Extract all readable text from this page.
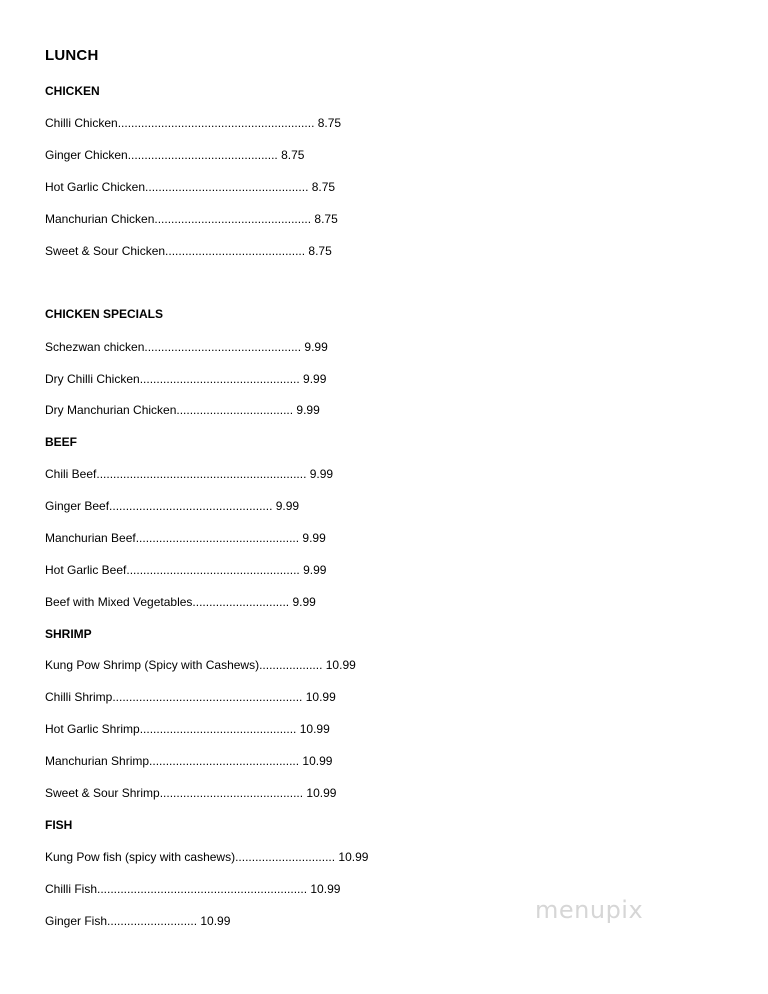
LUNCH
CHICKEN
Chilli Chicken........................................................... 8.75
Ginger Chicken............................................. 8.75
Hot Garlic Chicken................................................. 8.75
Manchurian Chicken............................................... 8.75
Sweet & Sour Chicken.......................................... 8.75
CHICKEN SPECIALS
Schezwan chicken............................................... 9.99
Dry Chilli Chicken................................................ 9.99
Dry Manchurian Chicken................................... 9.99
BEEF
Chili Beef............................................................... 9.99
Ginger Beef................................................. 9.99
Manchurian Beef................................................. 9.99
Hot Garlic Beef.................................................... 9.99
Beef with Mixed Vegetables............................. 9.99
SHRIMP
Kung Pow Shrimp (Spicy with Cashews)................... 10.99
Chilli Shrimp......................................................... 10.99
Hot Garlic Shrimp............................................... 10.99
Manchurian Shrimp............................................. 10.99
Sweet & Sour Shrimp........................................... 10.99
FISH
Kung Pow fish (spicy with cashews).............................. 10.99
Chilli Fish............................................................... 10.99
Ginger Fish........................... 10.99	menupix
